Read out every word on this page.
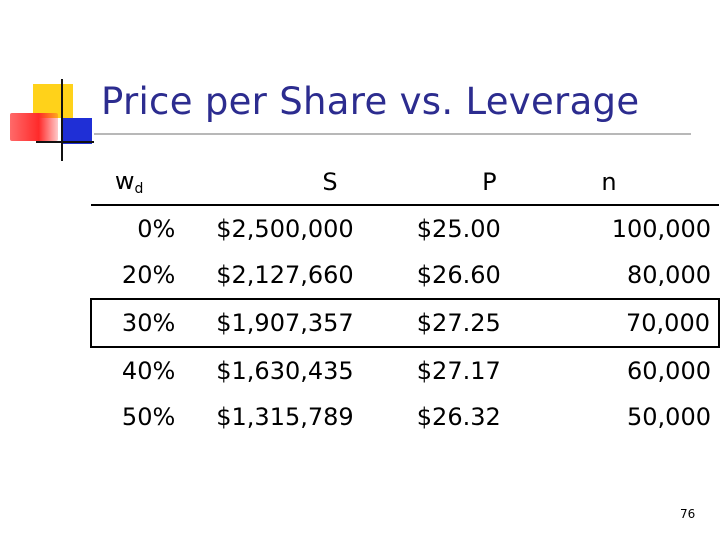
Price per Share vs. Leverage
$w_d$	S	P	n
0%	$2,500,000	$25.00	100,000
20%	$2,127,660	$26.60	80,000
30%	$1,907,357	$27.25	70,000
40%	$1,630,435	$27.17	60,000
50%	$1,315,789	$26.32	50,000
76
